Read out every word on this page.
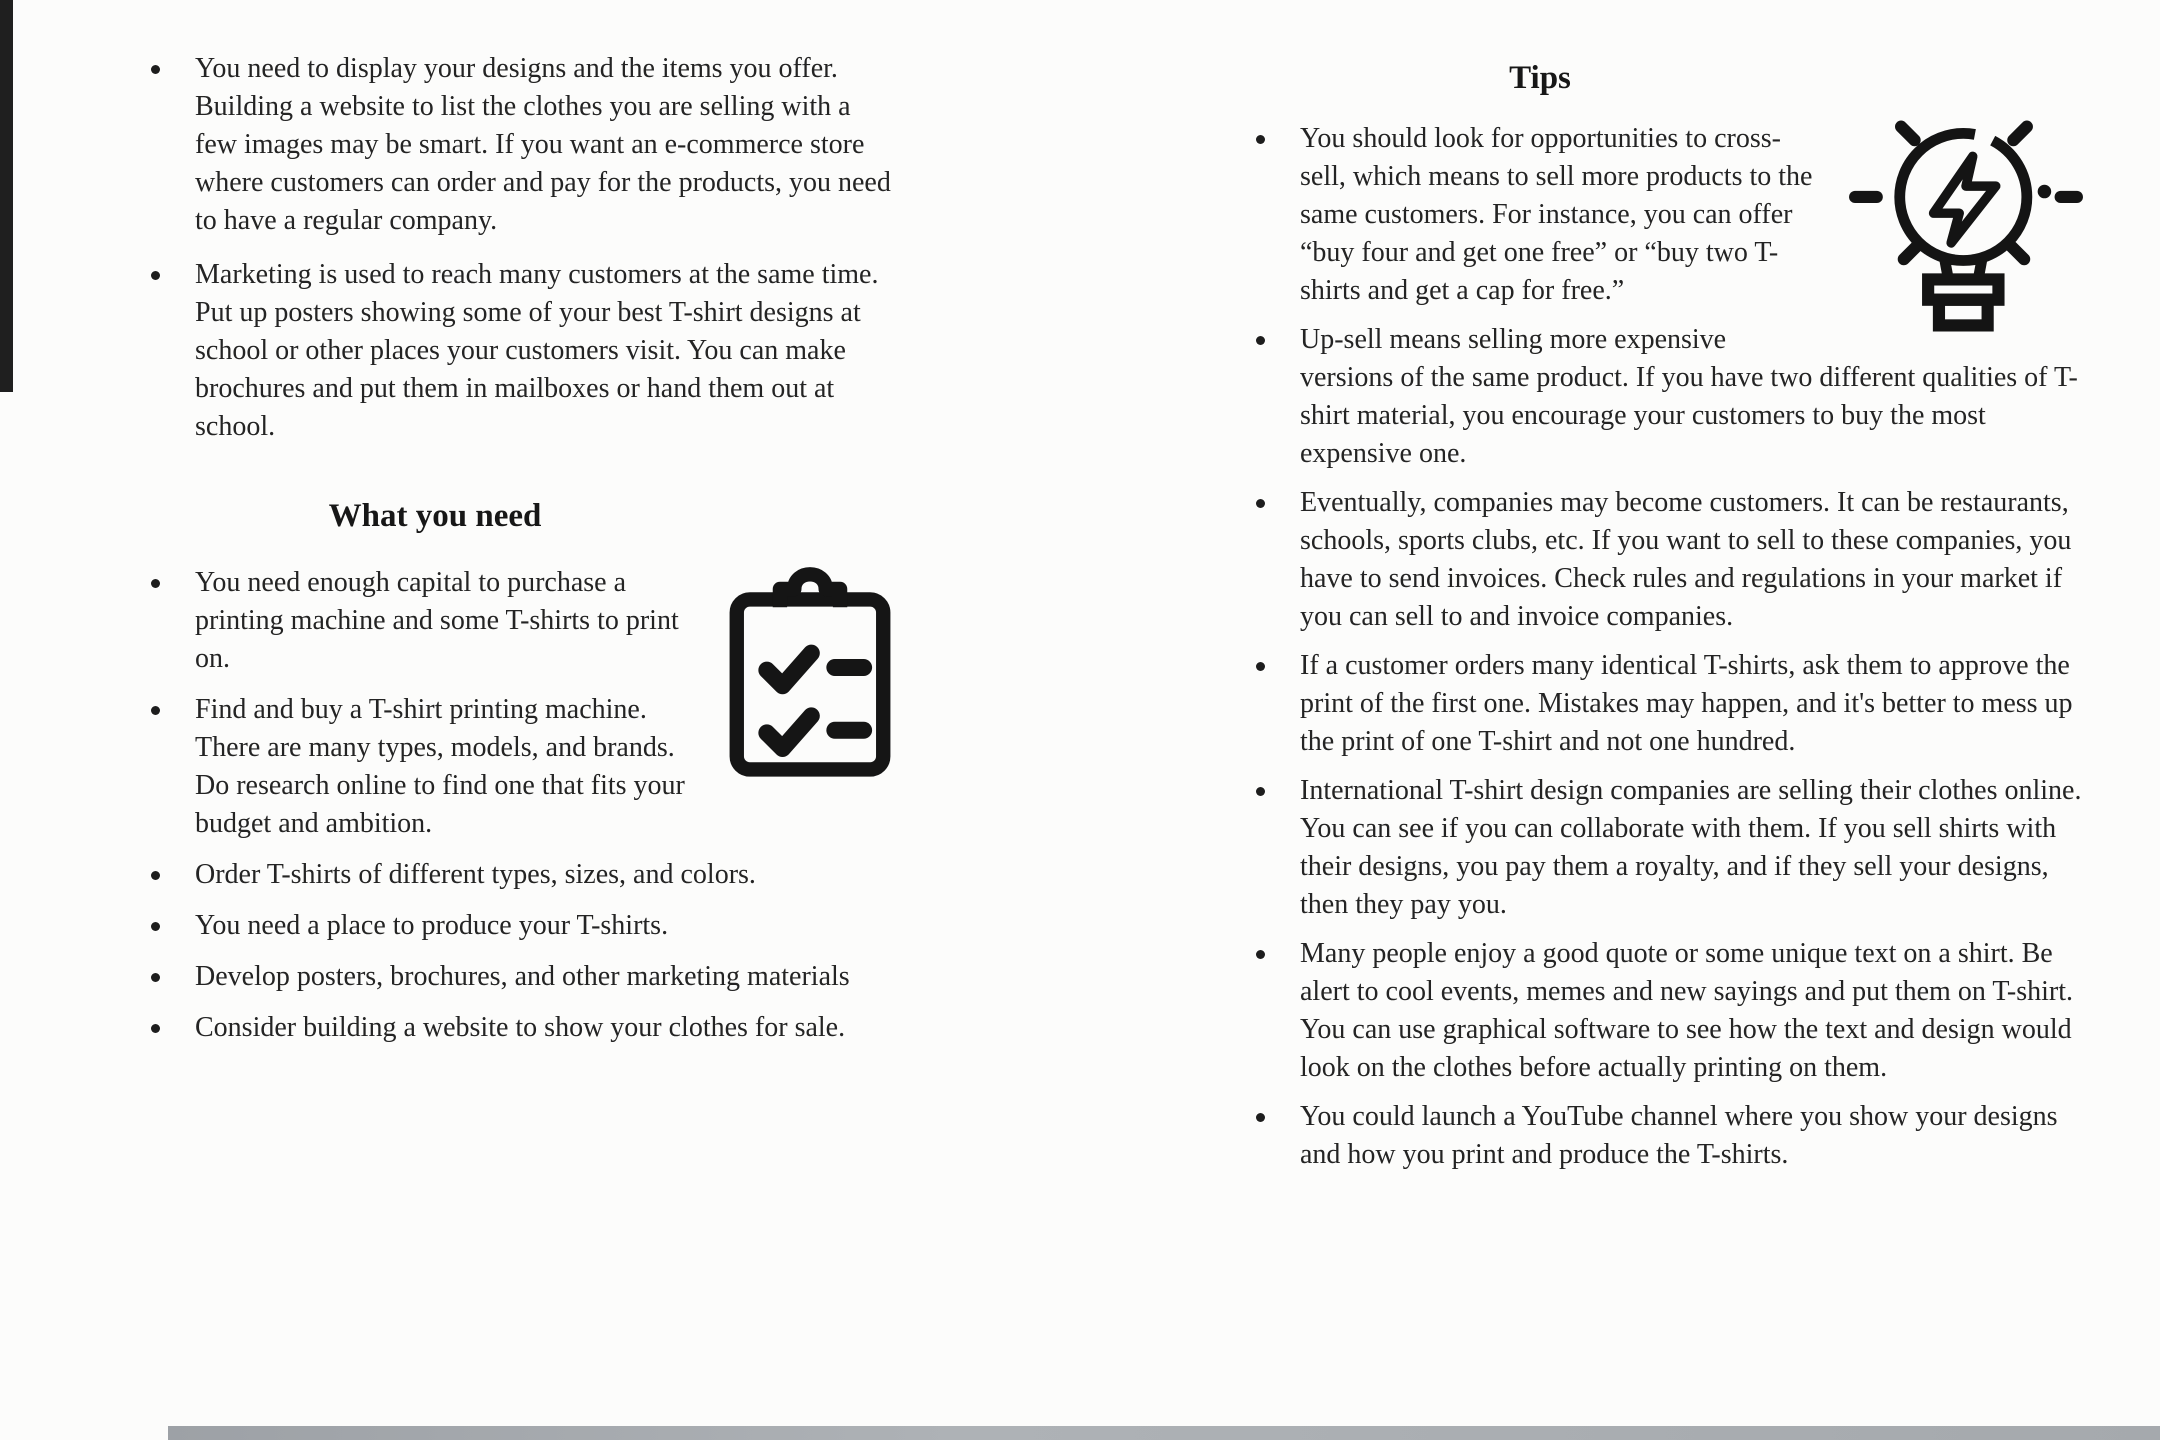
You need to display your designs and the items you offer. Building a website to list the clothes you are selling with a few images may be smart. If you want an e-commerce store where customers can order and pay for the products, you need to have a regular company.
Marketing is used to reach many customers at the same time. Put up posters showing some of your best T-shirt designs at school or other places your customers visit. You can make brochures and put them in mailboxes or hand them out at school.
What you need
You need enough capital to purchase a printing machine and some T-shirts to print on.
Find and buy a T-shirt printing machine. There are many types, models, and brands. Do research online to find one that fits your budget and ambition.
Order T-shirts of different types, sizes, and colors.
You need a place to produce your T-shirts.
Develop posters, brochures, and other marketing materials
Consider building a website to show your clothes for sale.
Tips
You should look for opportunities to cross-sell, which means to sell more products to the same customers. For instance, you can offer “buy four and get one free” or “buy two T-shirts and get a cap for free.”
Up-sell means selling more expensive versions of the same product. If you have two different qualities of T-shirt material, you encourage your customers to buy the most expensive one.
Eventually, companies may become customers. It can be restaurants, schools, sports clubs, etc. If you want to sell to these companies, you have to send invoices. Check rules and regulations in your market if you can sell to and invoice companies.
If a customer orders many identical T-shirts, ask them to approve the print of the first one. Mistakes may happen, and it's better to mess up the print of one T-shirt and not one hundred.
International T-shirt design companies are selling their clothes online. You can see if you can collaborate with them. If you sell shirts with their designs, you pay them a royalty, and if they sell your designs, then they pay you.
Many people enjoy a good quote or some unique text on a shirt. Be alert to cool events, memes and new sayings and put them on T-shirt. You can use graphical software to see how the text and design would look on the clothes before actually printing on them.
You could launch a YouTube channel where you show your designs and how you print and produce the T-shirts.
